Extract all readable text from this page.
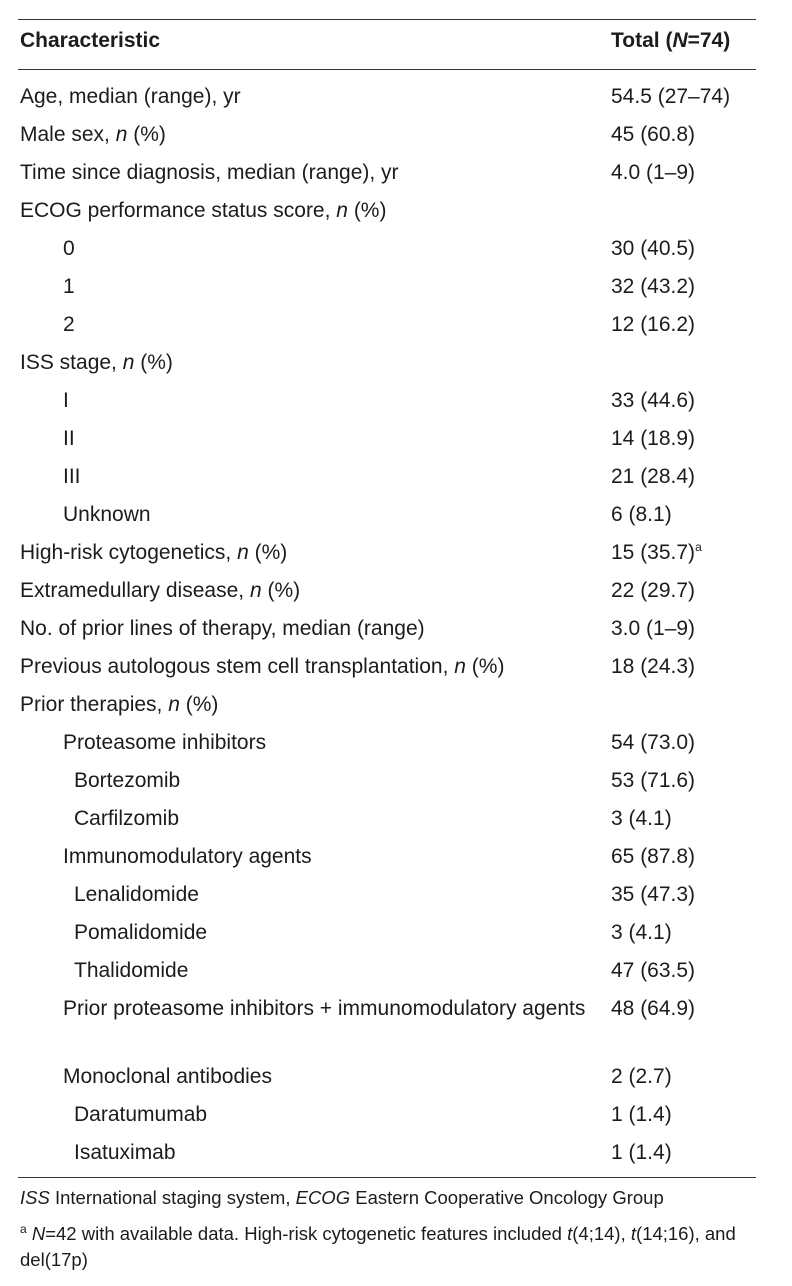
Characteristic	Total (N=74)
Age, median (range), yr	54.5 (27–74)
Male sex, n (%)	45 (60.8)
Time since diagnosis, median (range), yr	4.0 (1–9)
ECOG performance status score, n (%)
0	30 (40.5)
1	32 (43.2)
2	12 (16.2)
ISS stage, n (%)
I	33 (44.6)
II	14 (18.9)
III	21 (28.4)
Unknown	6 (8.1)
High-risk cytogenetics, n (%)	15 $(35.7)^a$
Extramedullary disease, n (%)	22 (29.7)
No. of prior lines of therapy, median (range)	3.0 (1–9)
Previous autologous stem cell transplantation, n (%)	18 (24.3)
Prior therapies, n (%)
Proteasome inhibitors	54 (73.0)
Bortezomib	53 (71.6)
Carfilzomib	3 (4.1)
Immunomodulatory agents	65 (87.8)
Lenalidomide	35 (47.3)
Pomalidomide	3 (4.1)
Thalidomide	47 (63.5)
Prior proteasome inhibitors + immunomodulatory agents	48 (64.9)
Monoclonal antibodies	2 (2.7)
Daratumumab	1 (1.4)
Isatuximab	1 (1.4)
ISS International staging system, ECOG Eastern Cooperative Oncology Group
$^a$ N=42 with available data. High-risk cytogenetic features included t(4;14), t(14;16), and del(17p)
